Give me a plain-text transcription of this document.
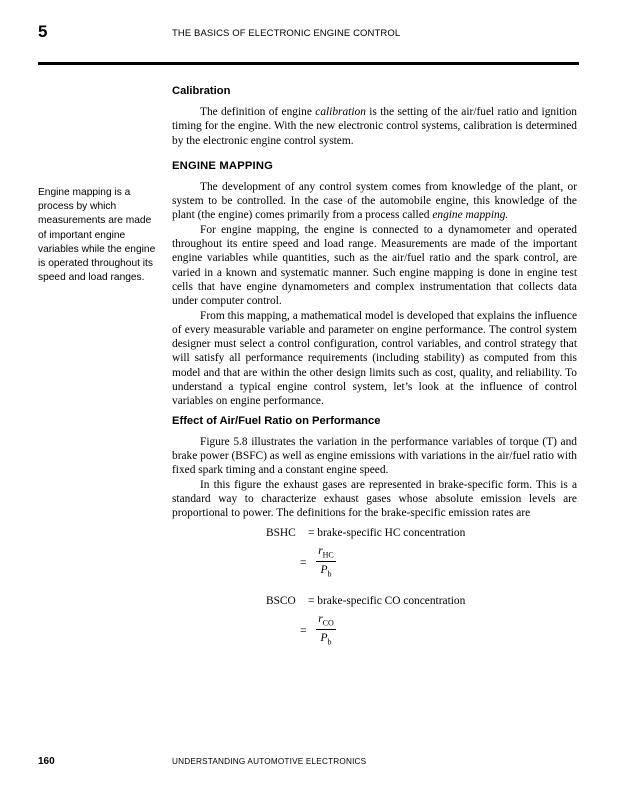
5	THE BASICS OF ELECTRONIC ENGINE CONTROL
Engine mapping is a process by which measurements are made of important engine variables while the engine is operated throughout its speed and load ranges.
Calibration

The definition of engine calibration is the setting of the air/fuel ratio and ignition timing for the engine. With the new electronic control systems, calibration is determined by the electronic engine control system.

ENGINE MAPPING

The development of any control system comes from knowledge of the plant, or system to be controlled. In the case of the automobile engine, this knowledge of the plant (the engine) comes primarily from a process called engine mapping.

For engine mapping, the engine is connected to a dynamometer and operated throughout its entire speed and load range. Measurements are made of the important engine variables while quantities, such as the air/fuel ratio and the spark control, are varied in a known and systematic manner. Such engine mapping is done in engine test cells that have engine dynamometers and complex instrumentation that collects data under computer control.

From this mapping, a mathematical model is developed that explains the influence of every measurable variable and parameter on engine performance. The control system designer must select a control configuration, control variables, and control strategy that will satisfy all performance requirements (including stability) as computed from this model and that are within the other design limits such as cost, quality, and reliability. To understand a typical engine control system, let’s look at the influence of control variables on engine performance.

Effect of Air/Fuel Ratio on Performance

Figure 5.8 illustrates the variation in the performance variables of torque (T) and brake power (BSFC) as well as engine emissions with variations in the air/fuel ratio with fixed spark timing and a constant engine speed.

In this figure the exhaust gases are represented in brake-specific form. This is a standard way to characterize exhaust gases whose absolute emission levels are proportional to power. The definitions for the brake-specific emission rates are

BSHC = brake-specific HC concentration
=
$r_{HC}$
$P_b$
BSCO = brake-specific CO concentration
=
$r_{CO}$
$P_b$
160	UNDERSTANDING AUTOMOTIVE ELECTRONICS
